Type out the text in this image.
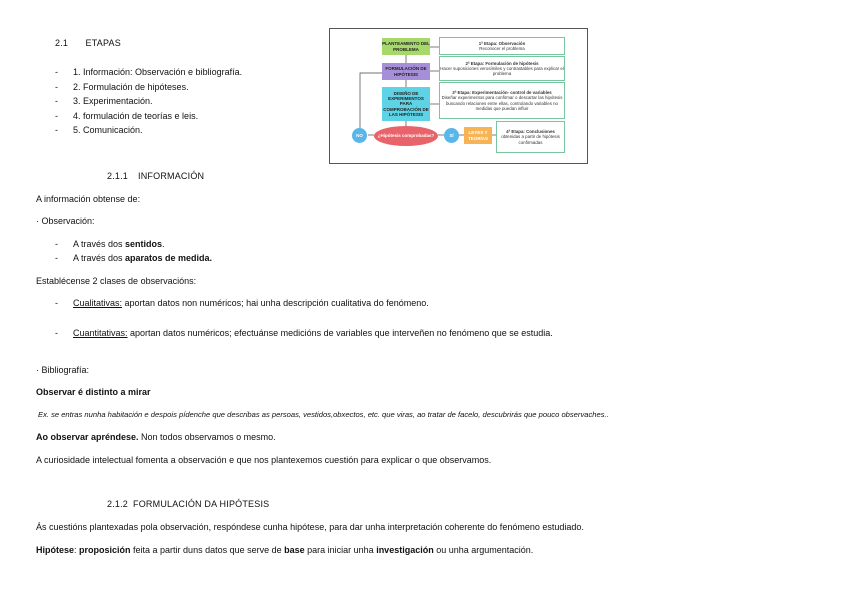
2.1 ETAPAS
- 1. Información: Observación e bibliografía.
- 2. Formulación de hipóteses.
- 3. Experimentación.
- 4. formulación de teorías e leis.
- 5. Comunicación.
PLANTEAMENTO DEL PROBLEMA
FORMULACIÓN DE HIPÓTESIS
DISEÑO DE EXPERIMENTOS PARA COMPROBACIÓN DE LAS HIPÓTESIS
¿Hipótesis comprobadas?
LEYES Y TEORÍAS
NO	SÍ
1ª Etapa: Observación
Reconocer el problema
2ª Etapa: Formulación de hipótesis
Hacer suposiciones verosímiles y contrastables para explicar el problema
3ª Etapa: Experimentación- control de variables
Diseñar experimentos para confirmar o descartar las hipótesis buscando relaciones entre ellas, controlando variables no medidas que puedan influir
4ª Etapa: Conclusiones
obtenidas a partir de hipótesis confirmadas
2.1.1 INFORMACIÓN
A información obtense de:
· Observación:
- A través dos sentidos.
- A través dos aparatos de medida.
Establécense 2 clases de observacións:
- Cualitativas: aportan datos non numéricos; hai unha descripción cualitativa do fenómeno.
- Cuantitativas: aportan datos numéricos; efectuánse medicións de variables que interveñen no fenómeno que se estudia.
· Bibliografía:
Observar é distinto a mirar
Ex. se entras nunha habitación e despois pídenche que describas as persoas, vestidos,obxectos, etc. que viras, ao tratar de facelo, descubrirás que pouco observaches..
Ao observar apréndese. Non todos observamos o mesmo.
A curiosidade intelectual fomenta a observación e que nos plantexemos cuestión para explicar o que observamos.
2.1.2 FORMULACIÓN DA HIPÓTESIS
Ás cuestións plantexadas pola observación, respóndese cunha hipótese, para dar unha interpretación coherente do fenómeno estudiado.
Hipótese: proposición feita a partir duns datos que serve de base para iniciar unha investigación ou unha argumentación.
